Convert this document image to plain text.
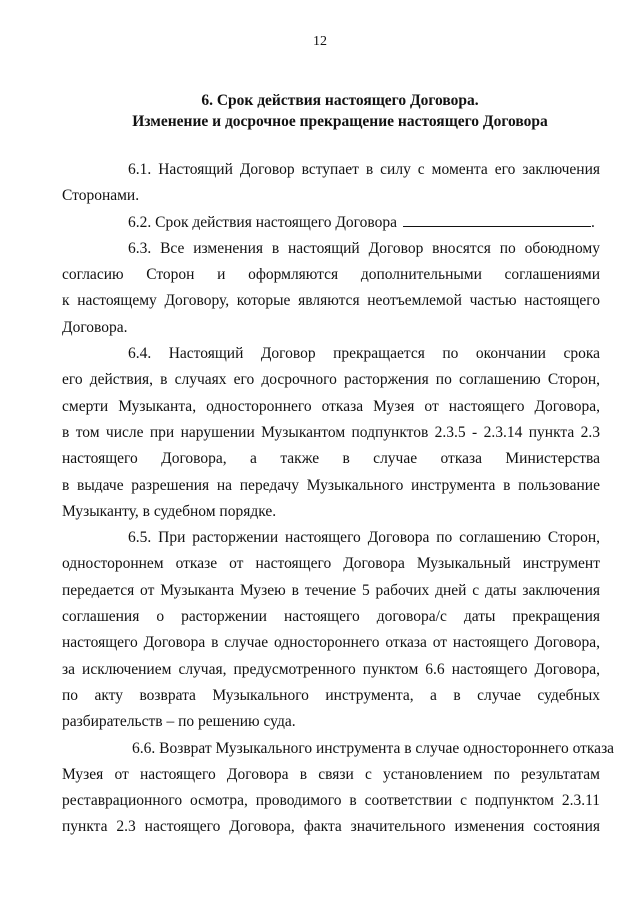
12
6. Срок действия настоящего Договора.
Изменение и досрочное прекращение настоящего Договора

6.1. Настоящий Договор вступает в силу с момента его заключения
Сторонами.

6.2. Срок действия настоящего Договора	.

6.3. Все изменения в настоящий Договор вносятся по обоюдному
согласию Сторон и оформляются дополнительными соглашениями
к настоящему Договору, которые являются неотъемлемой частью настоящего
Договора.

6.4. Настоящий Договор прекращается по окончании срока
его действия, в случаях его досрочного расторжения по соглашению Сторон,
смерти Музыканта, одностороннего отказа Музея от настоящего Договора,
в том числе при нарушении Музыкантом подпунктов 2.3.5 - 2.3.14 пункта 2.3
настоящего Договора, а также в случае отказа Министерства
в выдаче разрешения на передачу Музыкального инструмента в пользование
Музыканту, в судебном порядке.

6.5. При расторжении настоящего Договора по соглашению Сторон,
одностороннем отказе от настоящего Договора Музыкальный инструмент
передается от Музыканта Музею в течение 5 рабочих дней с даты заключения
соглашения о расторжении настоящего договора/с даты прекращения
настоящего Договора в случае одностороннего отказа от настоящего Договора,
за исключением случая, предусмотренного пунктом 6.6 настоящего Договора,
по акту возврата Музыкального инструмента, а в случае судебных
разбирательств – по решению суда.

6.6. Возврат Музыкального инструмента в случае одностороннего отказа
Музея от настоящего Договора в связи с установлением по результатам
реставрационного осмотра, проводимого в соответствии с подпунктом 2.3.11
пункта 2.3 настоящего Договора, факта значительного изменения состояния
